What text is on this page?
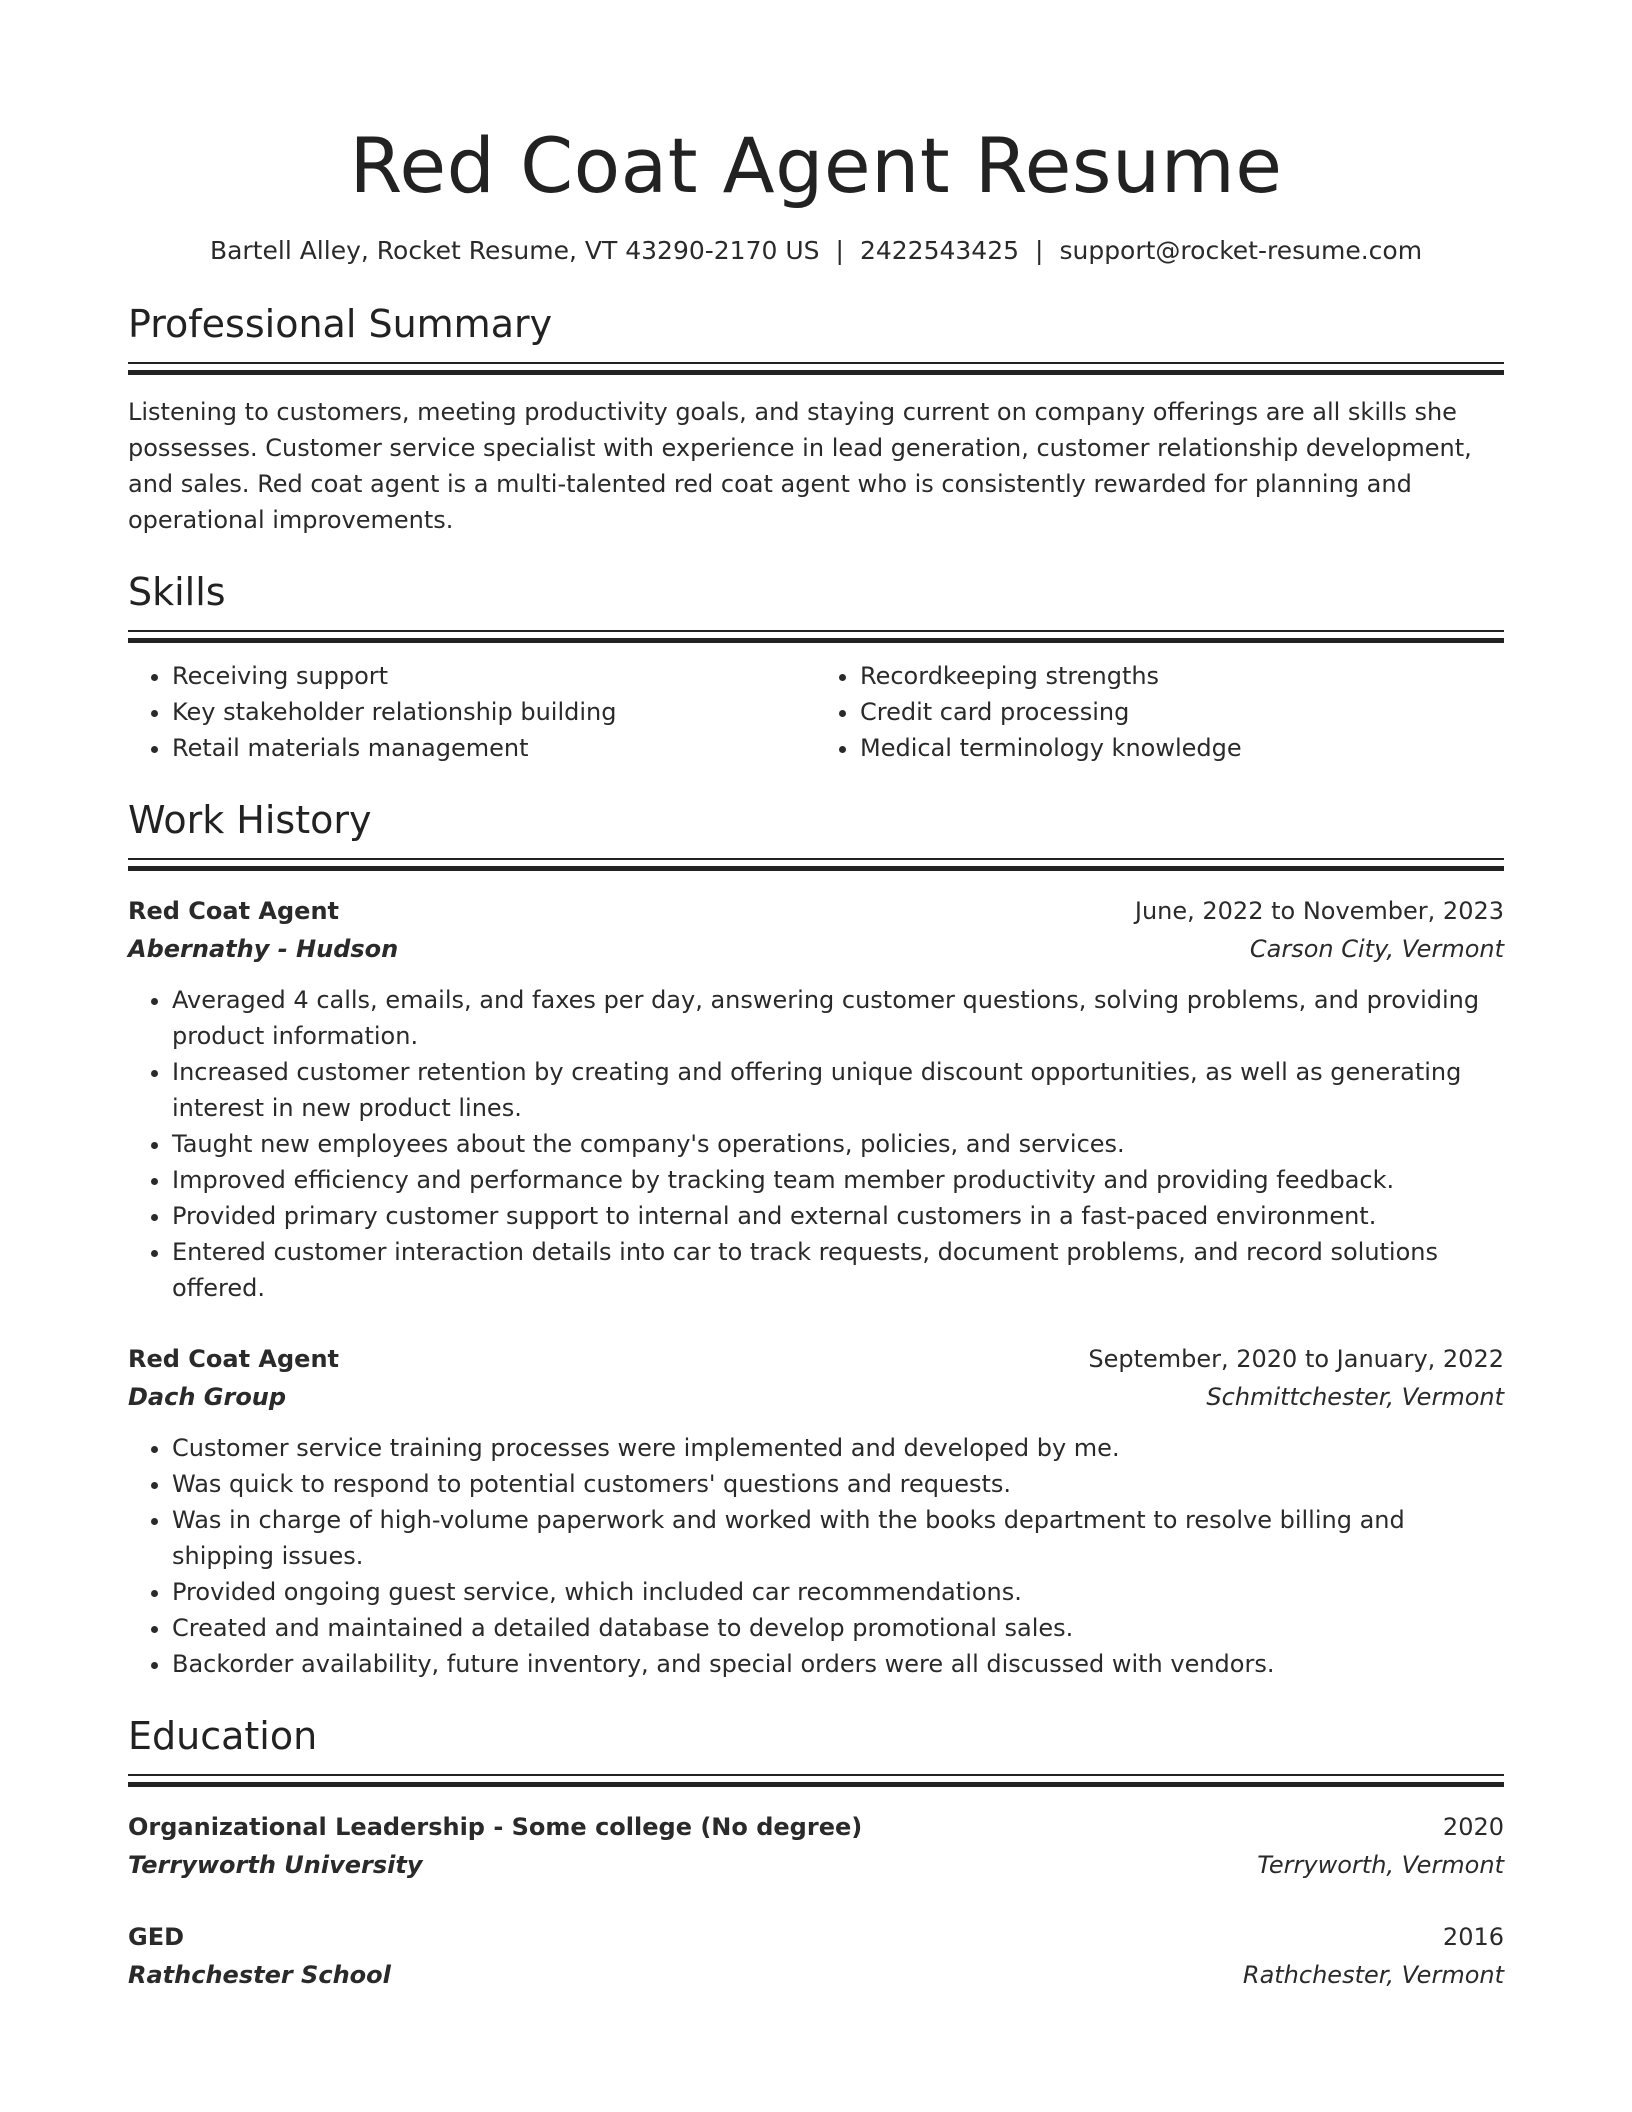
Red Coat Agent Resume
Bartell Alley, Rocket Resume, VT 43290-2170 US | 2422543425 | support@rocket-resume.com
Professional Summary
Listening to customers, meeting productivity goals, and staying current on company offerings are all skills she possesses. Customer service specialist with experience in lead generation, customer relationship development, and sales. Red coat agent is a multi-talented red coat agent who is consistently rewarded for planning and operational improvements.
Skills
• Receiving support
• Key stakeholder relationship building
• Retail materials management
• Recordkeeping strengths
• Credit card processing
• Medical terminology knowledge
Work History
Red Coat Agent	June, 2022 to November, 2023
Abernathy - Hudson	Carson City, Vermont
• Averaged 4 calls, emails, and faxes per day, answering customer questions, solving problems, and providing product information.
• Increased customer retention by creating and offering unique discount opportunities, as well as generating interest in new product lines.
• Taught new employees about the company's operations, policies, and services.
• Improved efficiency and performance by tracking team member productivity and providing feedback.
• Provided primary customer support to internal and external customers in a fast-paced environment.
• Entered customer interaction details into car to track requests, document problems, and record solutions offered.
Red Coat Agent	September, 2020 to January, 2022
Dach Group	Schmittchester, Vermont
• Customer service training processes were implemented and developed by me.
• Was quick to respond to potential customers' questions and requests.
• Was in charge of high-volume paperwork and worked with the books department to resolve billing and shipping issues.
• Provided ongoing guest service, which included car recommendations.
• Created and maintained a detailed database to develop promotional sales.
• Backorder availability, future inventory, and special orders were all discussed with vendors.
Education
Organizational Leadership - Some college (No degree)	2020
Terryworth University	Terryworth, Vermont
GED	2016
Rathchester School	Rathchester, Vermont
